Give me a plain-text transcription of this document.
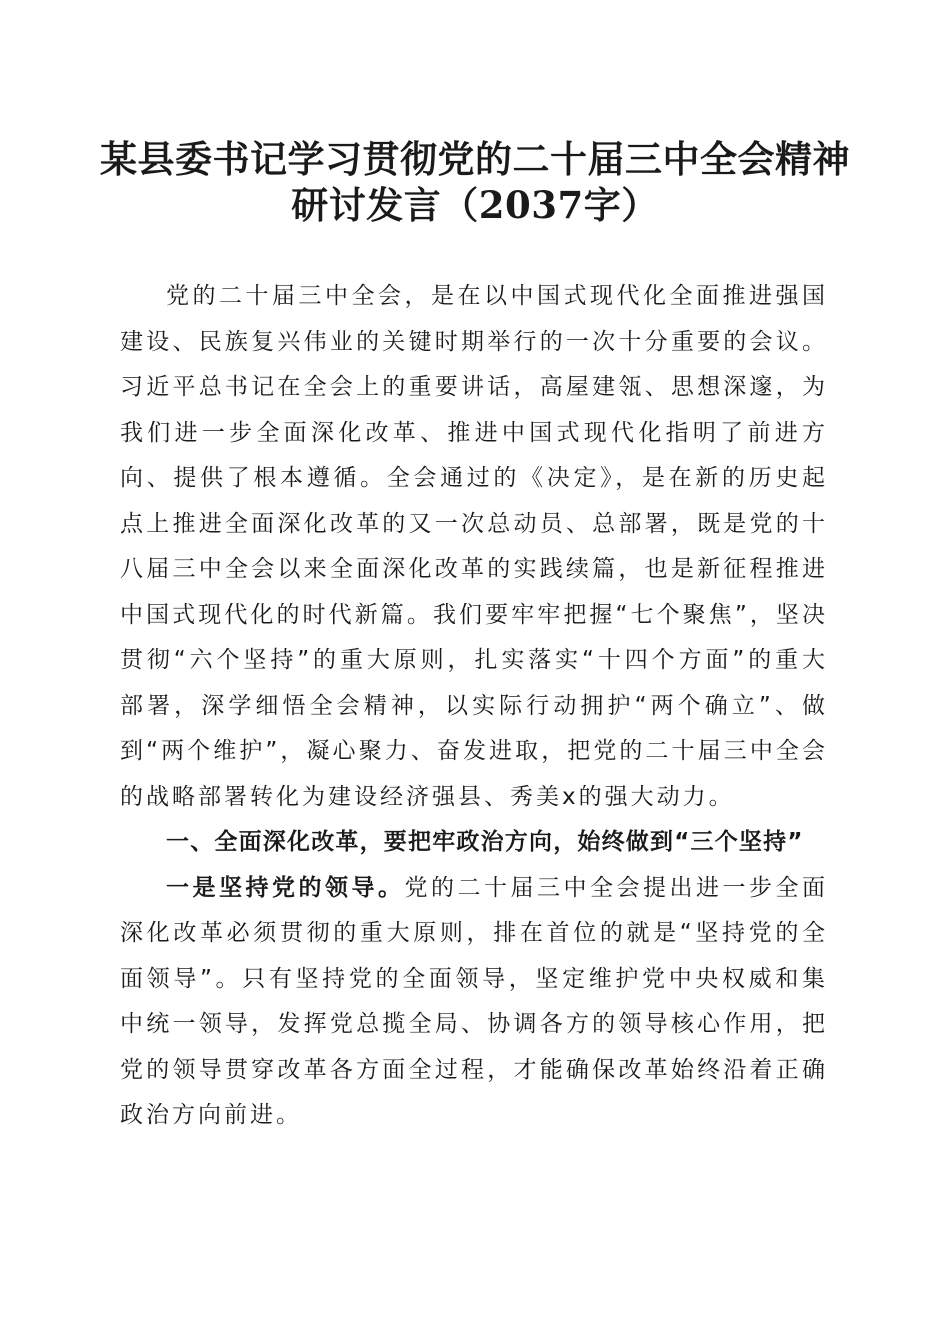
某县委书记学习贯彻党的二十届三中全会精神
研讨发言（2037字）

党的二十届三中全会，是在以中国式现代化全面推进强国建设、民族复兴伟业的关键时期举行的一次十分重要的会议。习近平总书记在全会上的重要讲话，高屋建瓴、思想深邃，为我们进一步全面深化改革、推进中国式现代化指明了前进方向、提供了根本遵循。全会通过的《决定》，是在新的历史起点上推进全面深化改革的又一次总动员、总部署，既是党的十八届三中全会以来全面深化改革的实践续篇，也是新征程推进中国式现代化的时代新篇。我们要牢牢把握“七个聚焦”，坚决贯彻“六个坚持”的重大原则，扎实落实“十四个方面”的重大部署，深学细悟全会精神，以实际行动拥护“两个确立”、做到“两个维护”，凝心聚力、奋发进取，把党的二十届三中全会的战略部署转化为建设经济强县、秀美x的强大动力。

一、全面深化改革，要把牢政治方向，始终做到“三个坚持”

一是坚持党的领导。党的二十届三中全会提出进一步全面深化改革必须贯彻的重大原则，排在首位的就是“坚持党的全面领导”。只有坚持党的全面领导，坚定维护党中央权威和集中统一领导，发挥党总揽全局、协调各方的领导核心作用，把党的领导贯穿改革各方面全过程，才能确保改革始终沿着正确政治方向前进。
